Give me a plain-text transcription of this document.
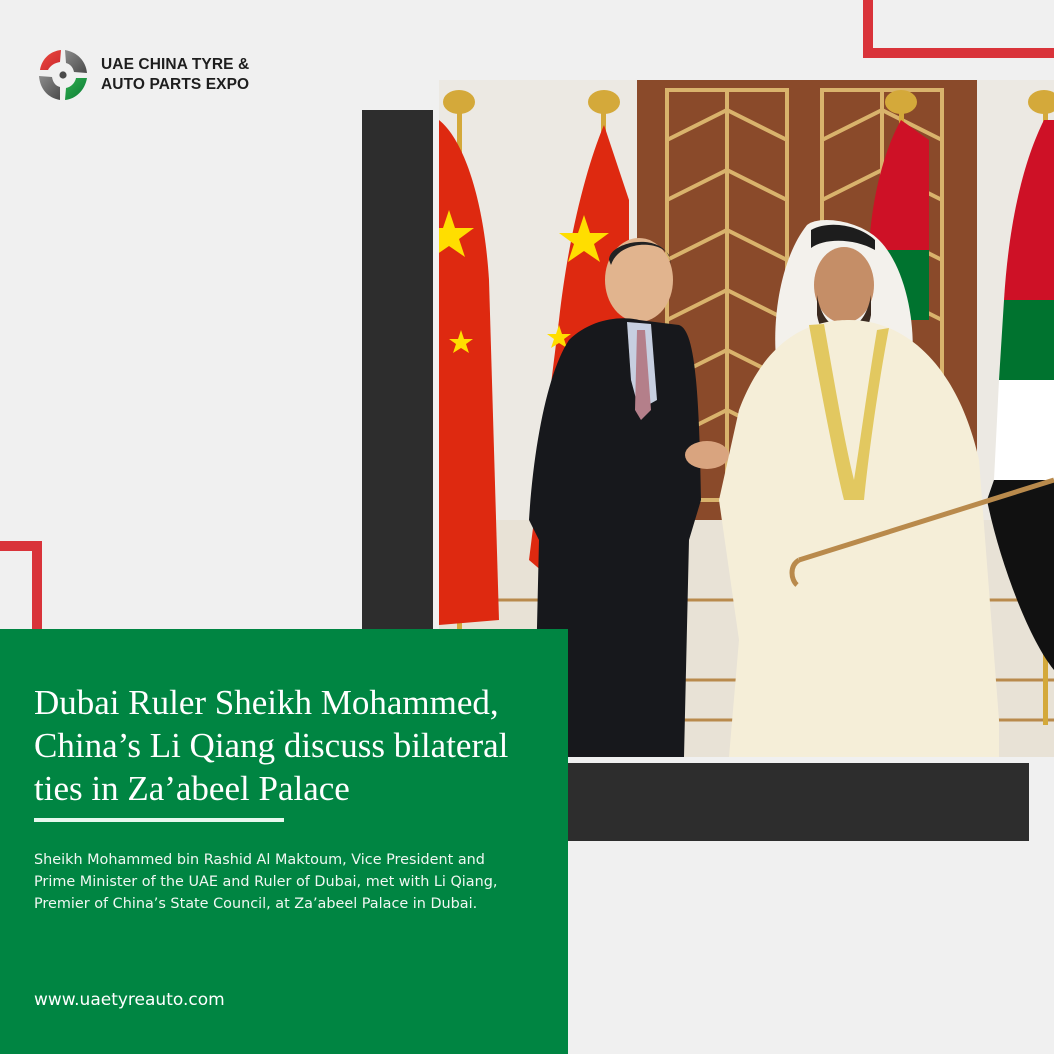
UAE CHINA TYRE &
AUTO PARTS EXPO
Dubai Ruler Sheikh Mohammed, China’s Li Qiang discuss bilateral ties in Za’abeel Palace

Sheikh Mohammed bin Rashid Al Maktoum, Vice President and Prime Minister of the UAE and Ruler of Dubai, met with Li Qiang, Premier of China’s State Council, at Za’abeel Palace in Dubai.

www.uaetyreauto.com
